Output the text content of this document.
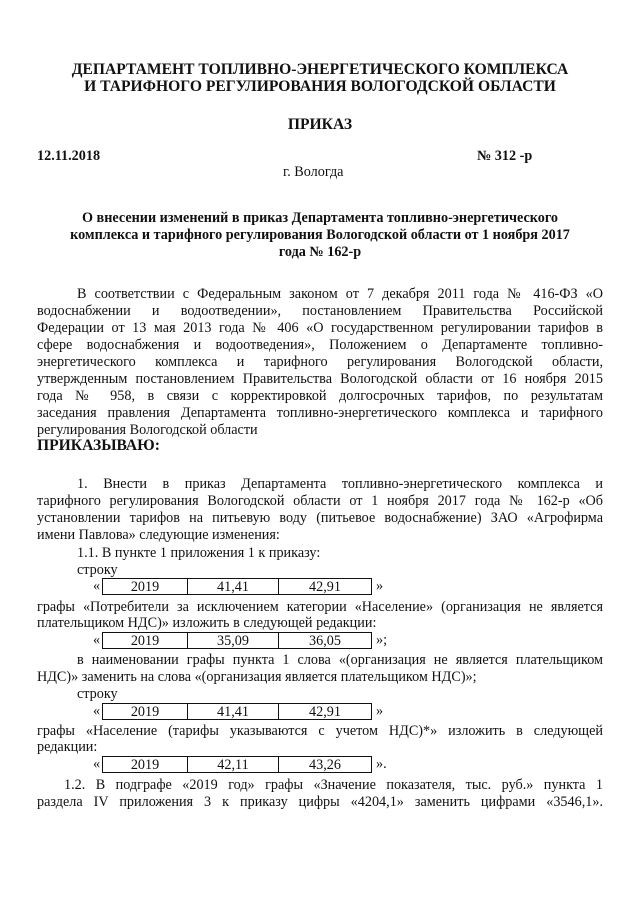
ДЕПАРТАМЕНТ ТОПЛИВНО-ЭНЕРГЕТИЧЕСКОГО КОМПЛЕКСА
И ТАРИФНОГО РЕГУЛИРОВАНИЯ ВОЛОГОДСКОЙ ОБЛАСТИ
ПРИКАЗ
12.11.2018	№ 312 -р
г. Вологда
О внесении изменений в приказ Департамента топливно-энергетического
комплекса и тарифного регулирования Вологодской области от 1 ноября 2017
года № 162-р
В соответствии с Федеральным законом от 7 декабря 2011 года № 416-ФЗ «О
водоснабжении и водоотведении», постановлением Правительства Российской
Федерации от 13 мая 2013 года № 406 «О государственном регулировании тарифов в
сфере водоснабжения и водоотведения», Положением о Департаменте топливно-
энергетического комплекса и тарифного регулирования Вологодской области,
утвержденным постановлением Правительства Вологодской области от 16 ноября 2015
года № 958, в связи с корректировкой долгосрочных тарифов, по результатам
заседания правления Департамента топливно-энергетического комплекса и тарифного
регулирования Вологодской области
ПРИКАЗЫВАЮ:
1. Внести в приказ Департамента топливно-энергетического комплекса и
тарифного регулирования Вологодской области от 1 ноября 2017 года № 162-р «Об
установлении тарифов на питьевую воду (питьевое водоснабжение) ЗАО «Агрофирма
имени Павлова» следующие изменения:
1.1. В пункте 1 приложения 1 к приказу:
строку
«	2019	41,41	42,91	»
графы «Потребители за исключением категории «Население» (организация не является
плательщиком НДС)» изложить в следующей редакции:
«	2019	35,09	36,05	»;
в наименовании графы пункта 1 слова «(организация не является плательщиком
НДС)» заменить на слова «(организация является плательщиком НДС)»;
строку
«	2019	41,41	42,91	»
графы «Население (тарифы указываются с учетом НДС)*» изложить в следующей
редакции:
«	2019	42,11	43,26	».
1.2. В подграфе «2019 год» графы «Значение показателя, тыс. руб.» пункта 1
раздела IV приложения 3 к приказу цифры «4204,1» заменить цифрами «3546,1».
